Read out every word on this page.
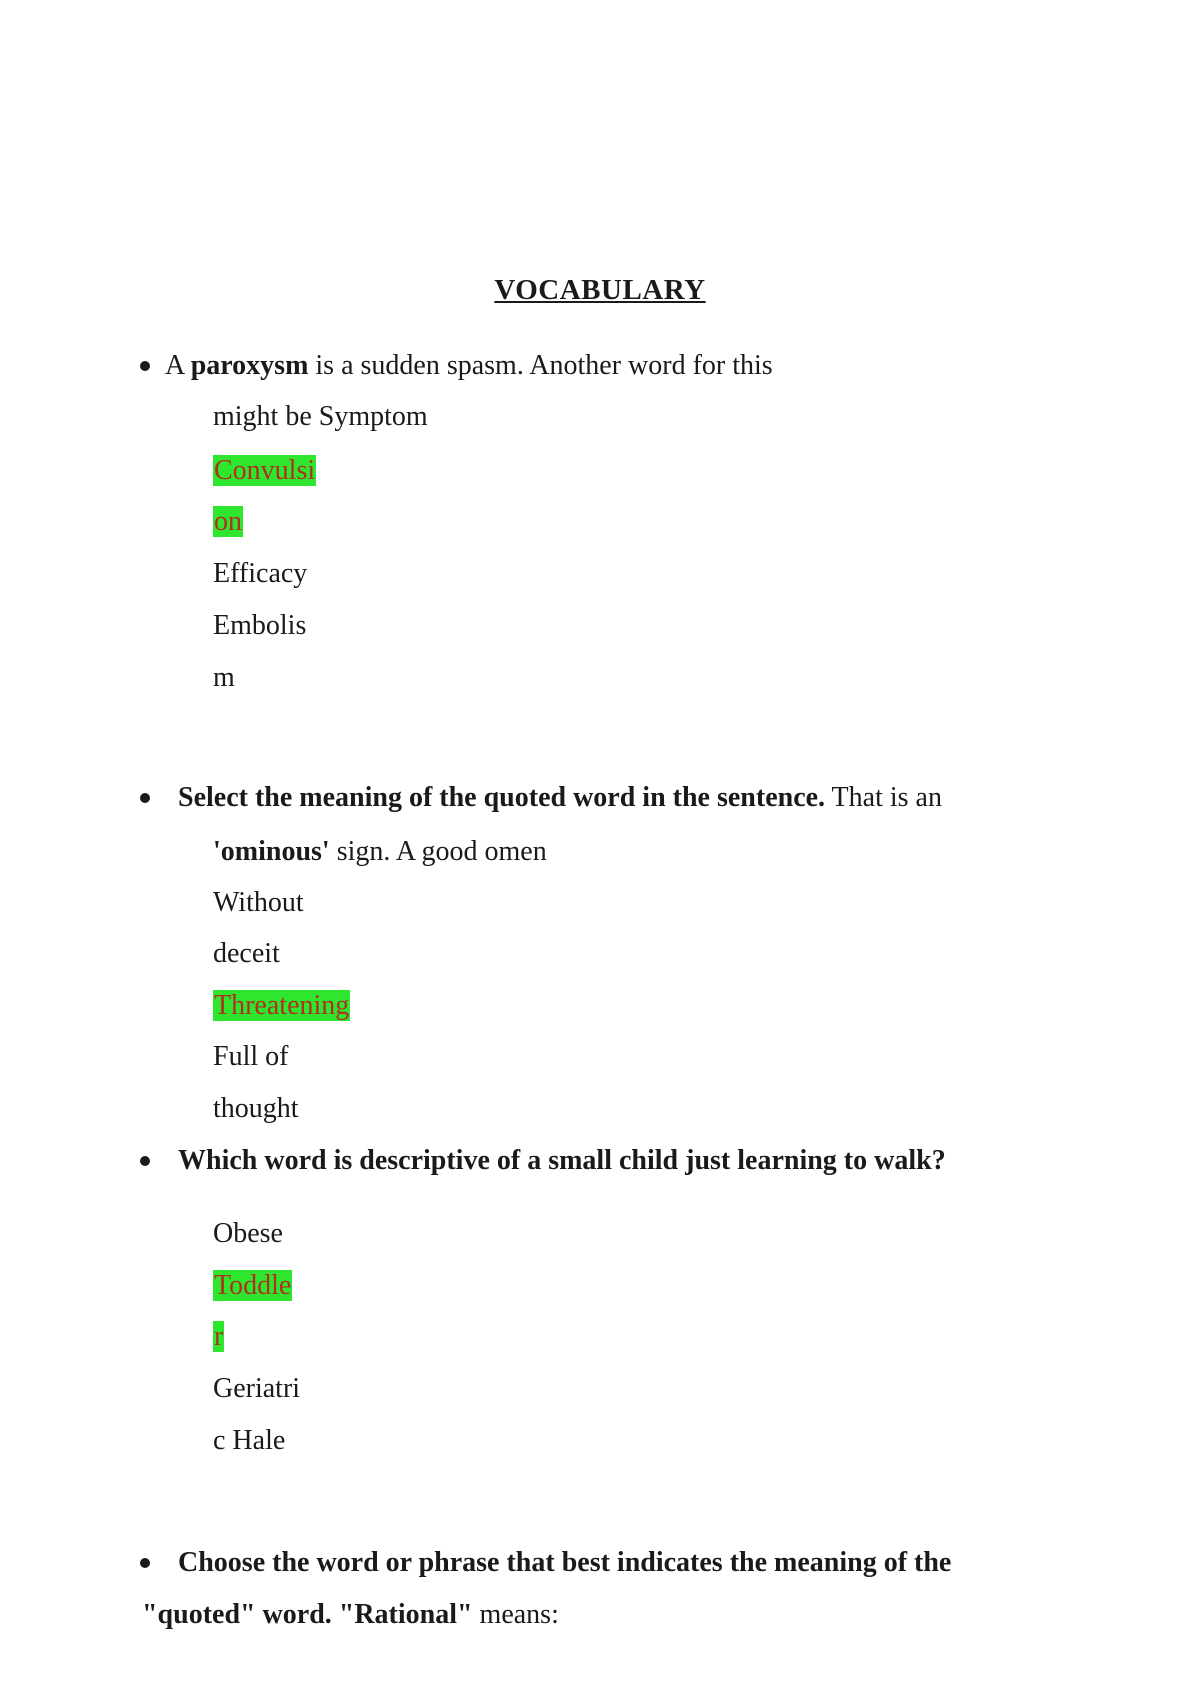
VOCABULARY
A paroxysm is a sudden spasm. Another word for this
might be Symptom
Convulsi
on
Efficacy
Embolis
m
Select the meaning of the quoted word in the sentence. That is an
'ominous' sign. A good omen
Without
deceit
Threatening
Full of
thought
Which word is descriptive of a small child just learning to walk?
Obese
Toddle
r
Geriatri
c Hale
Choose the word or phrase that best indicates the meaning of the
"quoted" word. "Rational" means:
